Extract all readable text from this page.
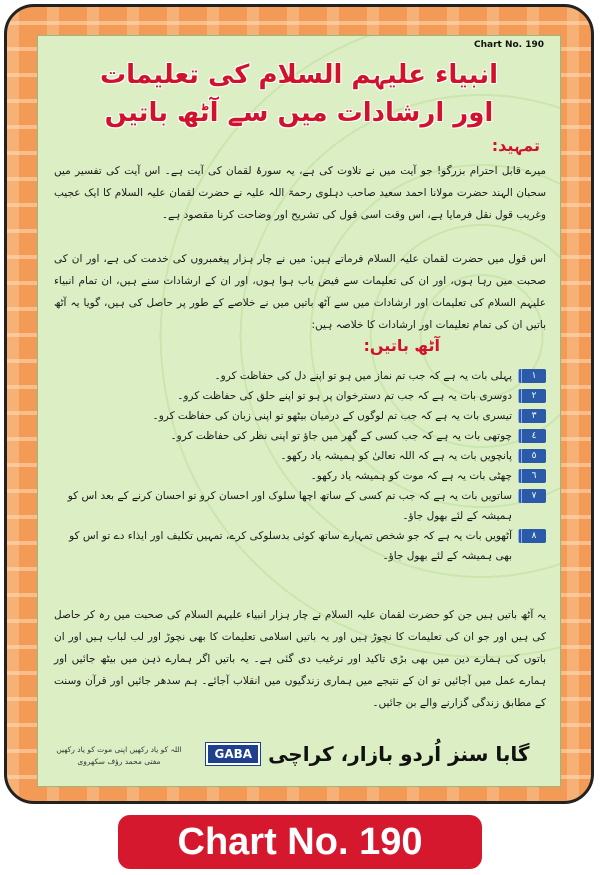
Chart No. 190
انبیاء علیہم السلام کی تعلیمات
اور ارشادات میں سے آٹھ باتیں
تمہید:
میرے قابل احترام بزرگو! جو آیت میں نے تلاوت کی ہے، یہ سورۂ لقمان کی آیت ہے۔ اس آیت کی تفسیر میں سحبان الہند حضرت مولانا احمد سعید صاحب دہلوی رحمۃ اللہ علیہ نے حضرت لقمان علیہ السلام کا ایک عجیب وغریب قول نقل فرمایا ہے، اس وقت اسی قول کی تشریح اور وضاحت کرنا مقصود ہے۔
اس قول میں حضرت لقمان علیہ السلام فرماتے ہیں: میں نے چار ہزار پیغمبروں کی خدمت کی ہے، اور ان کی صحبت میں رہا ہوں، اور ان کی تعلیمات سے فیض یاب ہوا ہوں، اور ان کے ارشادات سنے ہیں، ان تمام انبیاء علیہم السلام کی تعلیمات اور ارشادات میں سے آٹھ باتیں میں نے خلاصے کے طور پر حاصل کی ہیں، گویا یہ آٹھ باتیں ان کی تمام تعلیمات اور ارشادات کا خلاصہ ہیں:
آٹھ باتیں:
١
پہلی بات یہ ہے کہ جب تم نماز میں ہو تو اپنے دل کی حفاظت کرو۔
٢
دوسری بات یہ ہے کہ جب تم دسترخوان پر ہو تو اپنے حلق کی حفاظت کرو۔
٣
تیسری بات یہ ہے کہ جب تم لوگوں کے درمیان بیٹھو تو اپنی زبان کی حفاظت کرو۔
٤
چوتھی بات یہ ہے کہ جب کسی کے گھر میں جاؤ تو اپنی نظر کی حفاظت کرو۔
٥
پانچویں بات یہ ہے کہ اللہ تعالیٰ کو ہمیشہ یاد رکھو۔
٦
چھٹی بات یہ ہے کہ موت کو ہمیشہ یاد رکھو۔
٧
ساتویں بات یہ ہے کہ جب تم کسی کے ساتھ اچھا سلوک اور احسان کرو تو احسان کرنے کے بعد اس کو ہمیشہ کے لئے بھول جاؤ۔
٨
آٹھویں بات یہ ہے کہ جو شخص تمہارے ساتھ کوئی بدسلوکی کرے، تمہیں تکلیف اور ایذاء دے تو اس کو بھی ہمیشہ کے لئے بھول جاؤ۔
یہ آٹھ باتیں ہیں جن کو حضرت لقمان علیہ السلام نے چار ہزار انبیاء علیہم السلام کی صحبت میں رہ کر حاصل کی ہیں اور جو ان کی تعلیمات کا نچوڑ ہیں اور یہ باتیں اسلامی تعلیمات کا بھی نچوڑ اور لب لباب ہیں اور ان باتوں کی ہمارے دین میں بھی بڑی تاکید اور ترغیب دی گئی ہے۔ یہ باتیں اگر ہمارے ذہن میں بیٹھ جائیں اور ہمارے عمل میں آجائیں تو ان کے نتیجے میں ہماری زندگیوں میں انقلاب آجائے۔ ہم سدھر جائیں اور قرآن وسنت کے مطابق زندگی گزارنے والے بن جائیں۔
اللہ کو یاد رکھیں اپنی موت کو یاد رکھیں مفتی محمد رؤف سکھروی
GABA گابا سنز اُردو بازار، کراچی
Chart No. 190
